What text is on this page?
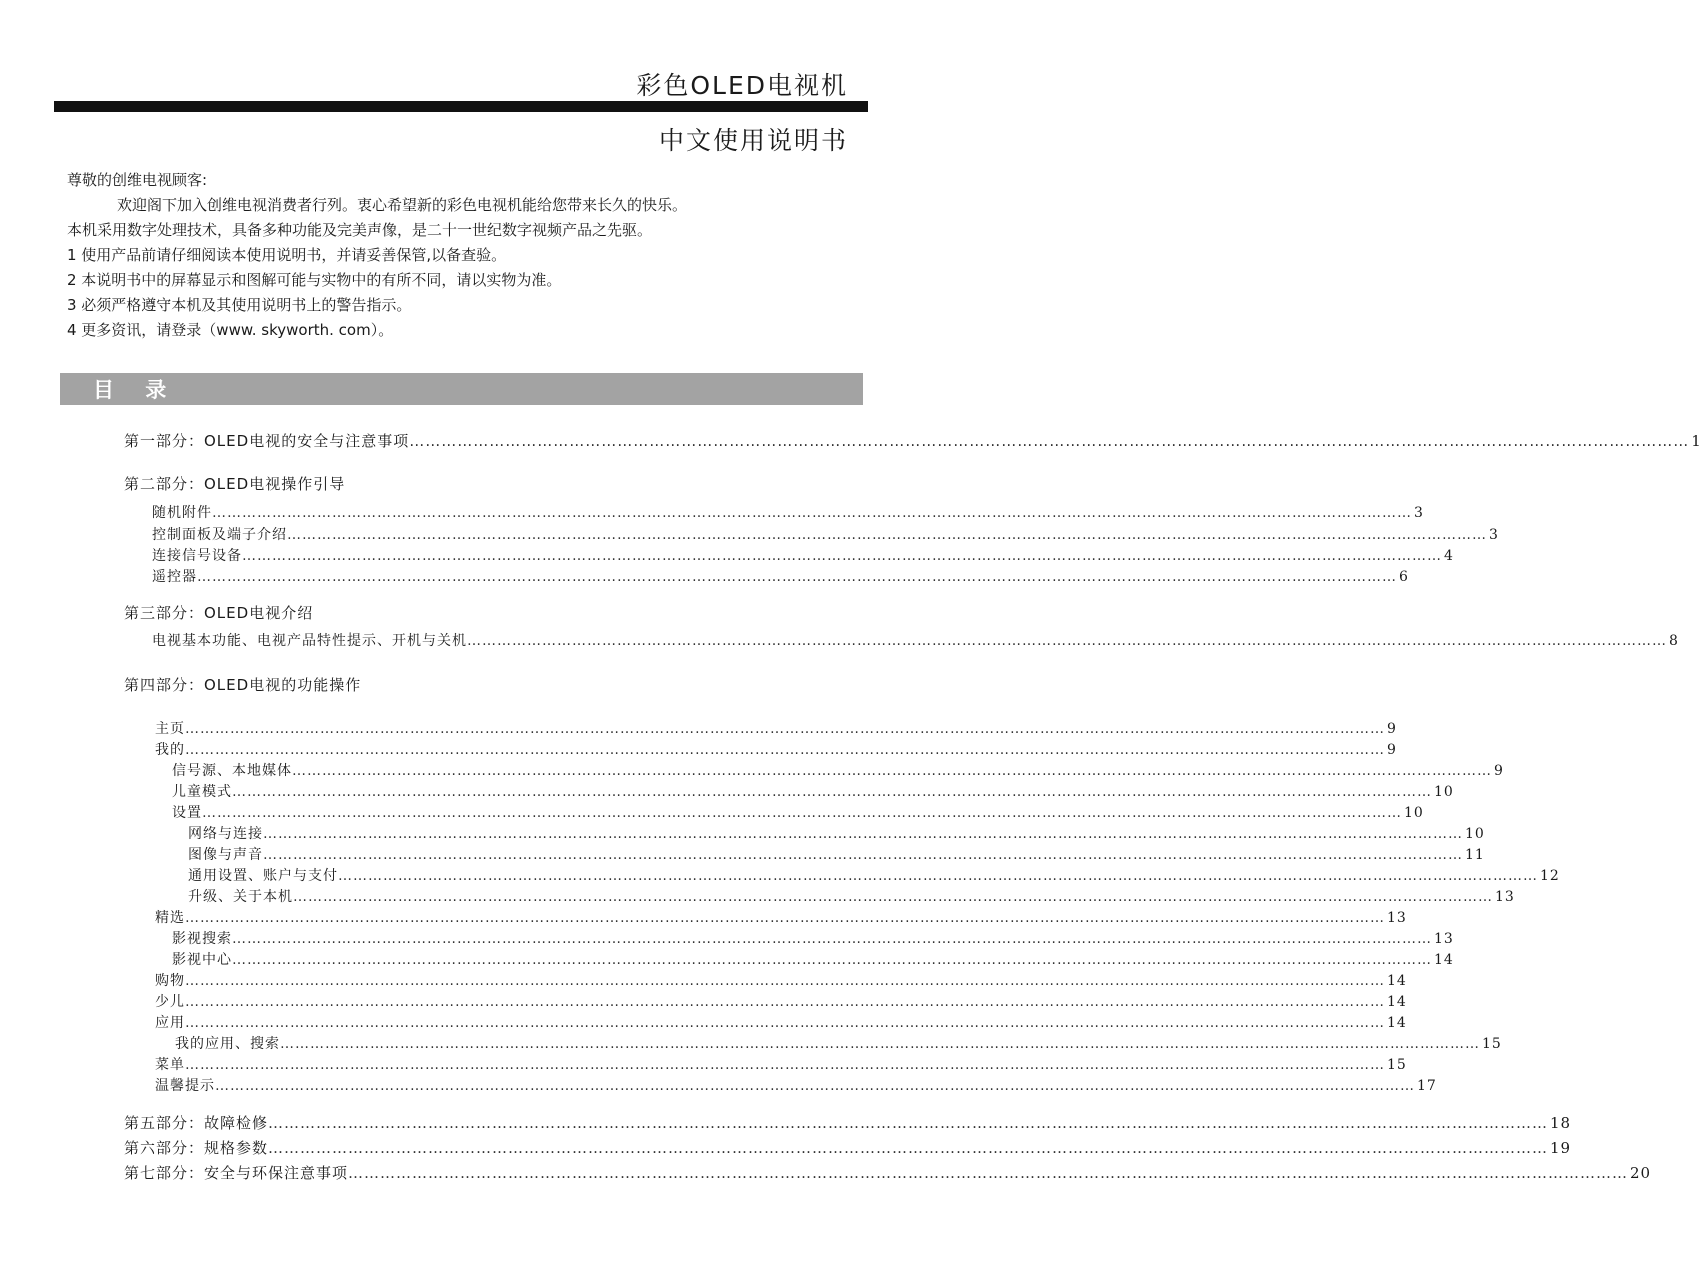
彩色OLED电视机
中文使用说明书
尊敬的创维电视顾客:
欢迎阁下加入创维电视消费者行列。衷心希望新的彩色电视机能给您带来长久的快乐。
本机采用数字处理技术，具备多种功能及完美声像，是二十一世纪数字视频产品之先驱。
1 使用产品前请仔细阅读本使用说明书，并请妥善保管,以备查验。
2 本说明书中的屏幕显示和图解可能与实物中的有所不同，请以实物为准。
3 必须严格遵守本机及其使用说明书上的警告指示。
4 更多资讯，请登录（www. skyworth. com）。
目 录
第一部分：OLED电视的安全与注意事项 …………………………………………………………………………………………………………………………………………………………………………………………………………………… 1
第二部分：OLED电视操作引导
随机附件 …………………………………………………………………………………………………………………………………………………………………………………………………………………… 3
控制面板及端子介绍 …………………………………………………………………………………………………………………………………………………………………………………………………………………… 3
连接信号设备 …………………………………………………………………………………………………………………………………………………………………………………………………………………… 4
遥控器 …………………………………………………………………………………………………………………………………………………………………………………………………………………… 6
第三部分：OLED电视介绍
电视基本功能、电视产品特性提示、开机与关机 …………………………………………………………………………………………………………………………………………………………………………………………………………………… 8
第四部分：OLED电视的功能操作
主页 …………………………………………………………………………………………………………………………………………………………………………………………………………………… 9
我的 …………………………………………………………………………………………………………………………………………………………………………………………………………………… 9
信号源、本地媒体 …………………………………………………………………………………………………………………………………………………………………………………………………………………… 9
儿童模式 …………………………………………………………………………………………………………………………………………………………………………………………………………………… 10
设置 …………………………………………………………………………………………………………………………………………………………………………………………………………………… 10
网络与连接 …………………………………………………………………………………………………………………………………………………………………………………………………………………… 10
图像与声音 …………………………………………………………………………………………………………………………………………………………………………………………………………………… 11
通用设置、账户与支付 …………………………………………………………………………………………………………………………………………………………………………………………………………………… 12
升级、关于本机 …………………………………………………………………………………………………………………………………………………………………………………………………………………… 13
精选 …………………………………………………………………………………………………………………………………………………………………………………………………………………… 13
影视搜索 …………………………………………………………………………………………………………………………………………………………………………………………………………………… 13
影视中心 …………………………………………………………………………………………………………………………………………………………………………………………………………………… 14
购物 …………………………………………………………………………………………………………………………………………………………………………………………………………………… 14
少儿 …………………………………………………………………………………………………………………………………………………………………………………………………………………… 14
应用 …………………………………………………………………………………………………………………………………………………………………………………………………………………… 14
我的应用、搜索 …………………………………………………………………………………………………………………………………………………………………………………………………………………… 15
菜单 …………………………………………………………………………………………………………………………………………………………………………………………………………………… 15
温馨提示 …………………………………………………………………………………………………………………………………………………………………………………………………………………… 17
第五部分：故障检修 …………………………………………………………………………………………………………………………………………………………………………………………………………………… 18
第六部分：规格参数 …………………………………………………………………………………………………………………………………………………………………………………………………………………… 19
第七部分：安全与环保注意事项 …………………………………………………………………………………………………………………………………………………………………………………………………………………… 20
